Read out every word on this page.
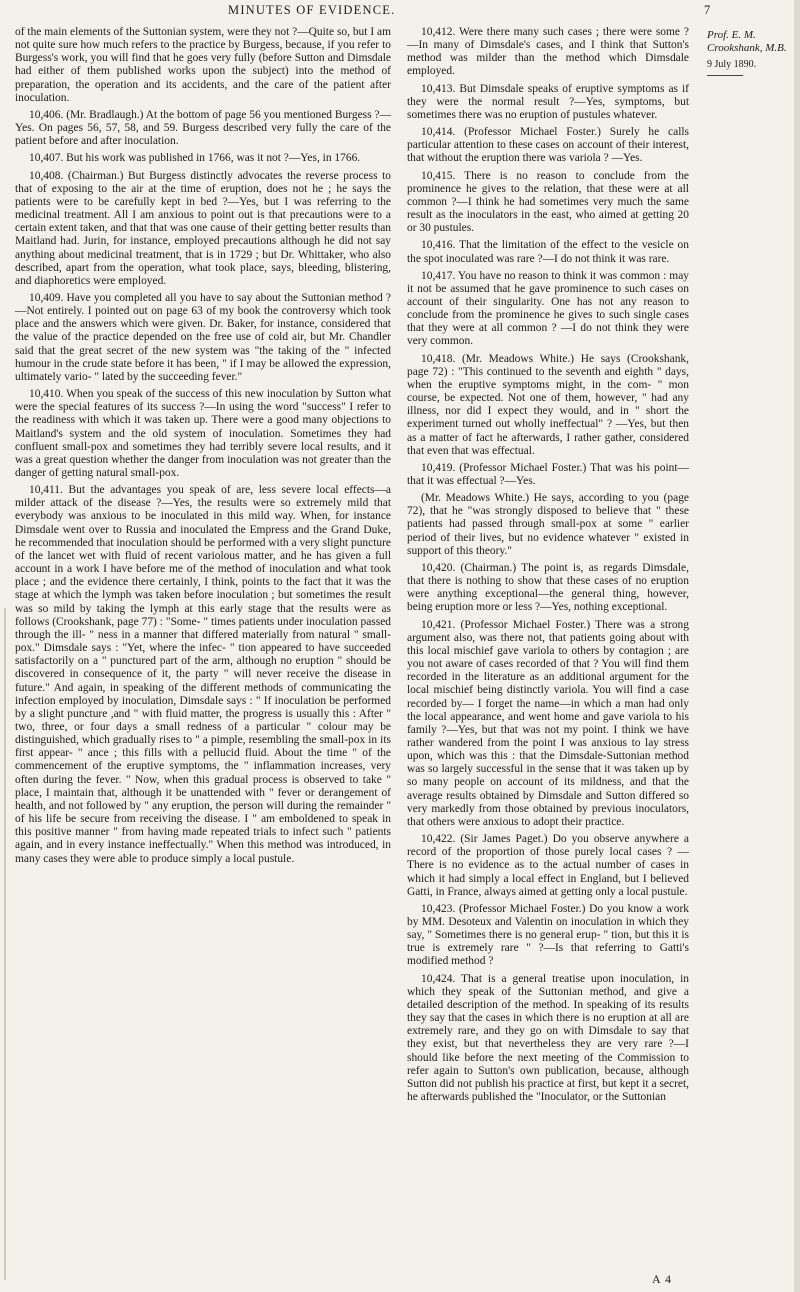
MINUTES OF EVIDENCE.	7

of the main elements of the Suttonian system, were they not ?—Quite so, but I am not quite sure how much refers to the practice by Burgess, because, if you refer to Burgess's work, you will find that he goes very fully (before Sutton and Dimsdale had either of them published works upon the subject) into the method of preparation, the operation and its accidents, and the care of the patient after inoculation.

10,406. (Mr. Bradlaugh.) At the bottom of page 56 you mentioned Burgess ?—Yes. On pages 56, 57, 58, and 59. Burgess described very fully the care of the patient before and after inoculation.

10,407. But his work was published in 1766, was it not ?—Yes, in 1766.

10,408. (Chairman.) But Burgess distinctly advocates the reverse process to that of exposing to the air at the time of eruption, does not he ; he says the patients were to be carefully kept in bed ?—Yes, but I was referring to the medicinal treatment. All I am anxious to point out is that precautions were to a certain extent taken, and that that was one cause of their getting better results than Maitland had. Jurin, for instance, employed precautions although he did not say anything about medicinal treatment, that is in 1729 ; but Dr. Whittaker, who also described, apart from the operation, what took place, says, bleeding, blistering, and diaphoretics were employed.

10,409. Have you completed all you have to say about the Suttonian method ?—Not entirely. I pointed out on page 63 of my book the controversy which took place and the answers which were given. Dr. Baker, for instance, considered that the value of the practice depended on the free use of cold air, but Mr. Chandler said that the great secret of the new system was "the taking of the " infected humour in the crude state before it has been, " if I may be allowed the expression, ultimately vario- " lated by the succeeding fever."

10,410. When you speak of the success of this new inoculation by Sutton what were the special features of its success ?—In using the word "success" I refer to the readiness with which it was taken up. There were a good many objections to Maitland's system and the old system of inoculation. Sometimes they had confluent small-pox and sometimes they had terribly severe local results, and it was a great question whether the danger from inoculation was not greater than the danger of getting natural small-pox.

10,411. But the advantages you speak of are, less severe local effects—a milder attack of the disease ?—Yes, the results were so extremely mild that everybody was anxious to be inoculated in this mild way. When, for instance Dimsdale went over to Russia and inoculated the Empress and the Grand Duke, he recommended that inoculation should be performed with a very slight puncture of the lancet wet with fluid of recent variolous matter, and he has given a full account in a work I have before me of the method of inoculation and what took place ; and the evidence there certainly, I think, points to the fact that it was the stage at which the lymph was taken before inoculation ; but sometimes the result was so mild by taking the lymph at this early stage that the results were as follows (Crookshank, page 77) : "Some- " times patients under inoculation passed through the ill- " ness in a manner that differed materially from natural " small-pox." Dimsdale says : "Yet, where the infec- " tion appeared to have succeeded satisfactorily on a " punctured part of the arm, although no eruption " should be discovered in consequence of it, the party " will never receive the disease in future." And again, in speaking of the different methods of communicating the infection employed by inoculation, Dimsdale says : " If inoculation be performed by a slight puncture ,and " with fluid matter, the progress is usually this : After " two, three, or four days a small redness of a particular " colour may be distinguished, which gradually rises to " a pimple, resembling the small-pox in its first appear- " ance ; this fills with a pellucid fluid. About the time " of the commencement of the eruptive symptoms, the " inflammation increases, very often during the fever. " Now, when this gradual process is observed to take " place, I maintain that, although it be unattended with " fever or derangement of health, and not followed by " any eruption, the person will during the remainder " of his life be secure from receiving the disease. I " am emboldened to speak in this positive manner " from having made repeated trials to infect such " patients again, and in every instance ineffectually." When this method was introduced, in many cases they were able to produce simply a local pustule.

10,412. Were there many such cases ; there were some ?—In many of Dimsdale's cases, and I think that Sutton's method was milder than the method which Dimsdale employed.

10,413. But Dimsdale speaks of eruptive symptoms as if they were the normal result ?—Yes, symptoms, but sometimes there was no eruption of pustules whatever.

10,414. (Professor Michael Foster.) Surely he calls particular attention to these cases on account of their interest, that without the eruption there was variola ? —Yes.

10,415. There is no reason to conclude from the prominence he gives to the relation, that these were at all common ?—I think he had sometimes very much the same result as the inoculators in the east, who aimed at getting 20 or 30 pustules.

10,416. That the limitation of the effect to the vesicle on the spot inoculated was rare ?—I do not think it was rare.

10,417. You have no reason to think it was common : may it not be assumed that he gave prominence to such cases on account of their singularity. One has not any reason to conclude from the prominence he gives to such single cases that they were at all common ? —I do not think they were very common.

10,418. (Mr. Meadows White.) He says (Crookshank, page 72) : "This continued to the seventh and eighth " days, when the eruptive symptoms might, in the com- " mon course, be expected. Not one of them, however, " had any illness, nor did I expect they would, and in " short the experiment turned out wholly ineffectual" ? —Yes, but then as a matter of fact he afterwards, I rather gather, considered that even that was effectual.

10,419. (Professor Michael Foster.) That was his point—that it was effectual ?—Yes.

(Mr. Meadows White.) He says, according to you (page 72), that he "was strongly disposed to believe that " these patients had passed through small-pox at some " earlier period of their lives, but no evidence whatever " existed in support of this theory."

10,420. (Chairman.) The point is, as regards Dimsdale, that there is nothing to show that these cases of no eruption were anything exceptional—the general thing, however, being eruption more or less ?—Yes, nothing exceptional.

10,421. (Professor Michael Foster.) There was a strong argument also, was there not, that patients going about with this local mischief gave variola to others by contagion ; are you not aware of cases recorded of that ? You will find them recorded in the literature as an additional argument for the local mischief being distinctly variola. You will find a case recorded by— I forget the name—in which a man had only the local appearance, and went home and gave variola to his family ?—Yes, but that was not my point. I think we have rather wandered from the point I was anxious to lay stress upon, which was this : that the Dimsdale-Suttonian method was so largely successful in the sense that it was taken up by so many people on account of its mildness, and that the average results obtained by Dimsdale and Sutton differed so very markedly from those obtained by previous inoculators, that others were anxious to adopt their practice.

10,422. (Sir James Paget.) Do you observe anywhere a record of the proportion of those purely local cases ? —There is no evidence as to the actual number of cases in which it had simply a local effect in England, but I believed Gatti, in France, always aimed at getting only a local pustule.

10,423. (Professor Michael Foster.) Do you know a work by MM. Desoteux and Valentin on inoculation in which they say, " Sometimes there is no general erup- " tion, but this it is true is extremely rare " ?—Is that referring to Gatti's modified method ?

10,424. That is a general treatise upon inoculation, in which they speak of the Suttonian method, and give a detailed description of the method. In speaking of its results they say that the cases in which there is no eruption at all are extremely rare, and they go on with Dimsdale to say that they exist, but that nevertheless they are very rare ?—I should like before the next meeting of the Commission to refer again to Sutton's own publication, because, although Sutton did not publish his practice at first, but kept it a secret, he afterwards published the "Inoculator, or the Suttonian

Prof. E. M. Crookshank, M.B.
9 July 1890.
A 4
